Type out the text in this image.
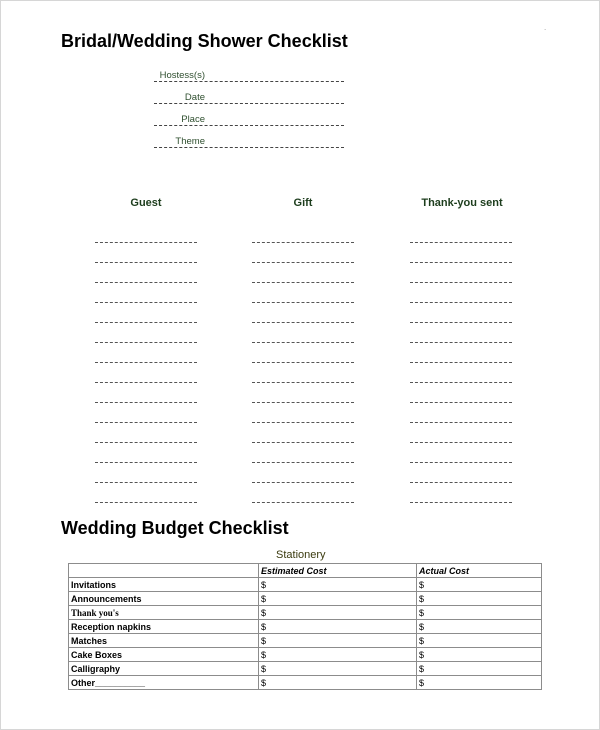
.
Bridal/Wedding Shower Checklist
Hostess(s)
Date
Place
Theme
Guest	Gift	Thank-you sent
Wedding Budget Checklist
Stationery
	Estimated Cost	Actual Cost
Invitations	$	$
Announcements	$	$
Thank you's	$	$
Reception napkins	$	$
Matches	$	$
Cake Boxes	$	$
Calligraphy	$	$
Other__________	$	$
